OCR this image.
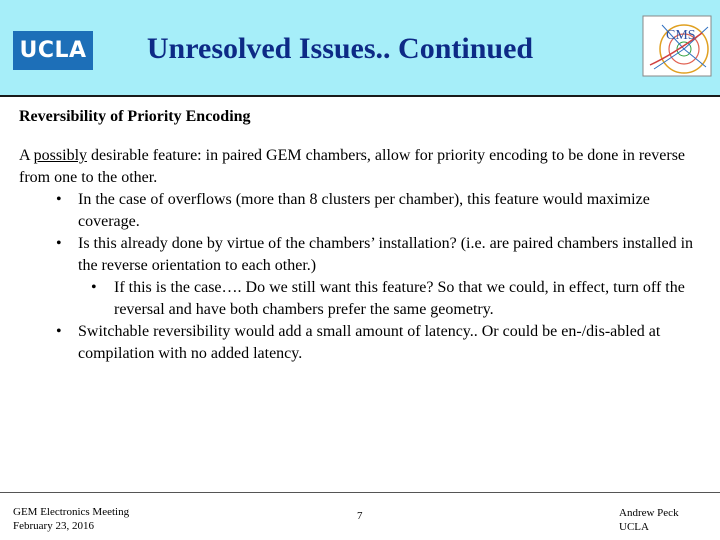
UCLA	Unresolved Issues.. Continued	CMS
Reversibility of Priority Encoding
A possibly desirable feature: in paired GEM chambers, allow for priority encoding to be done in reverse from one to the other.
• In the case of overflows (more than 8 clusters per chamber), this feature would maximize coverage.
• Is this already done by virtue of the chambers’ installation? (i.e. are paired chambers installed in the reverse orientation to each other.)
• If this is the case…. Do we still want this feature? So that we could, in effect, turn off the reversal and have both chambers prefer the same geometry.
• Switchable reversibility would add a small amount of latency.. Or could be en-/dis-abled at compilation with no added latency.
GEM Electronics Meeting
February 23, 2016
7	Andrew Peck
UCLA
